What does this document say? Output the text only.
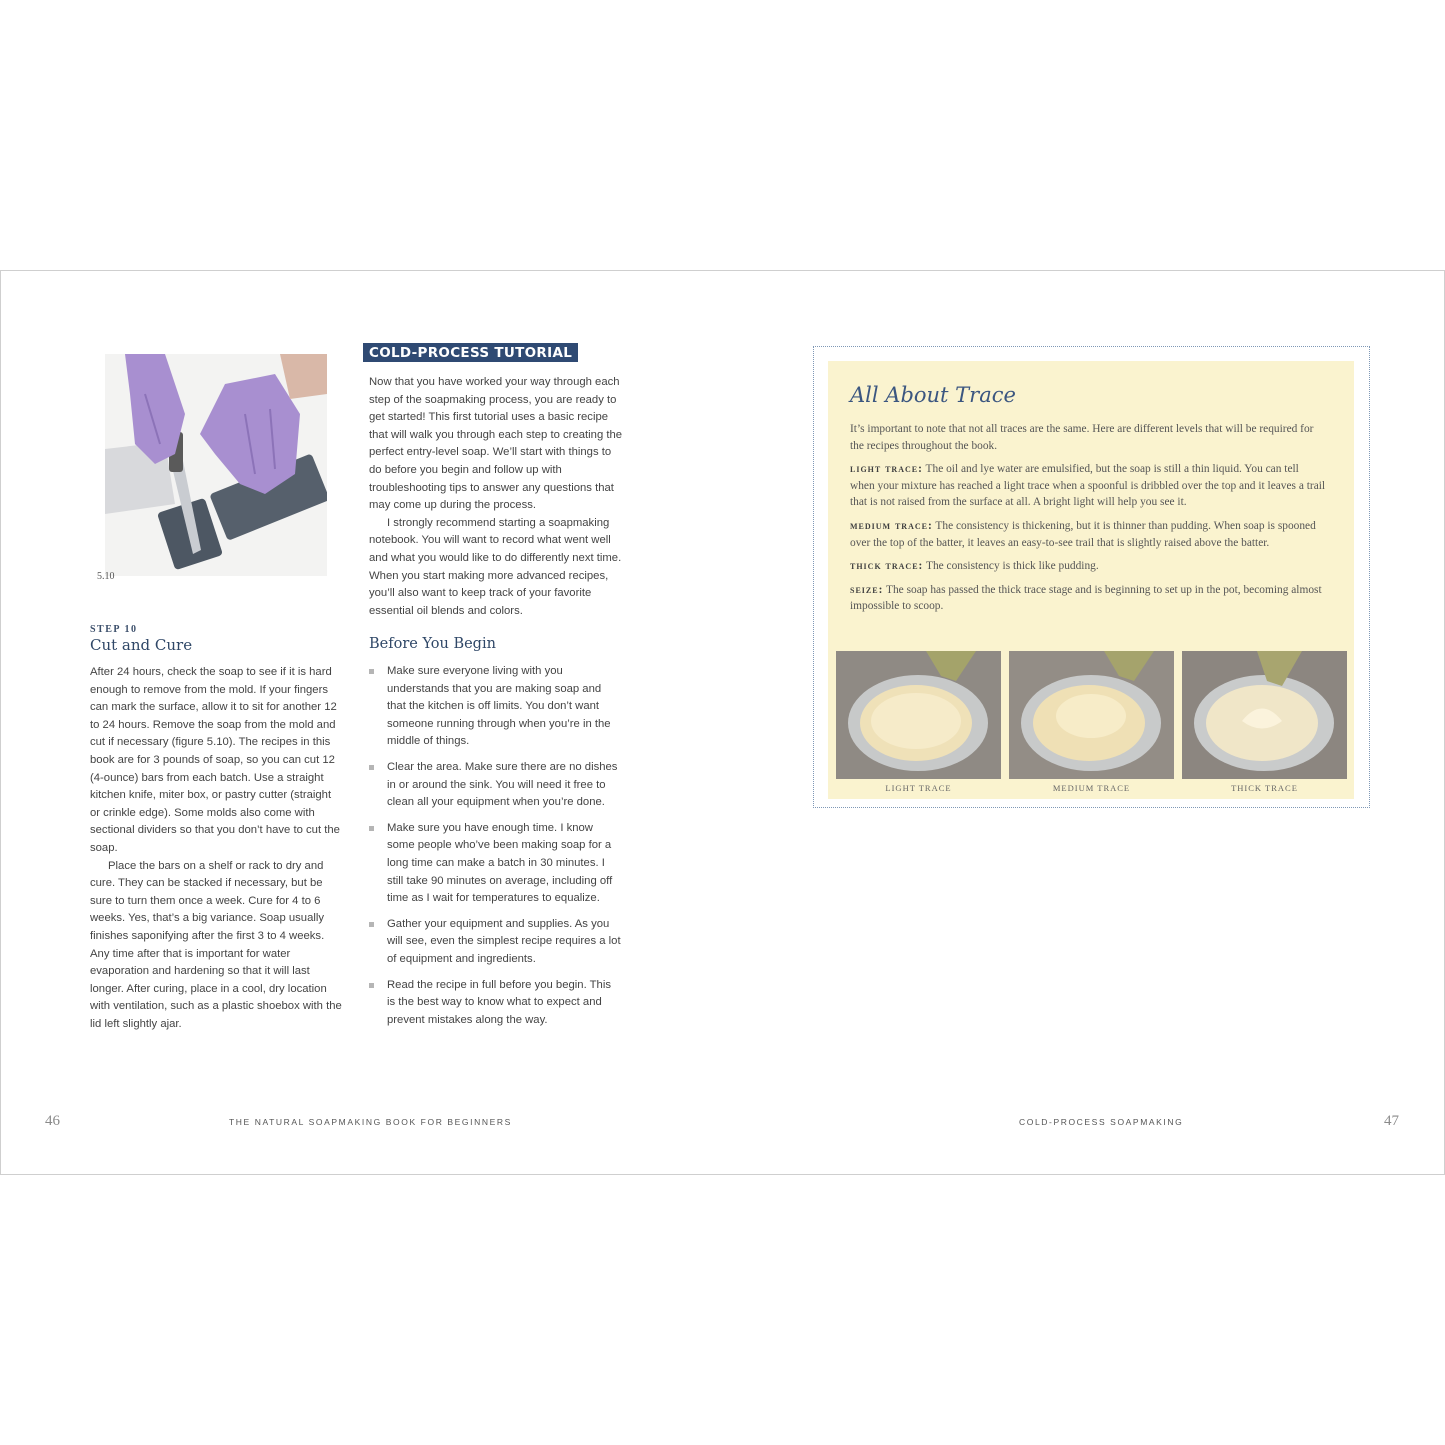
5.10
STEP 10
Cut and Cure

After 24 hours, check the soap to see if it is hard enough to remove from the mold. If your fingers can mark the surface, allow it to sit for another 12 to 24 hours. Remove the soap from the mold and cut if necessary (figure 5.10). The recipes in this book are for 3 pounds of soap, so you can cut 12 (4-ounce) bars from each batch. Use a straight kitchen knife, miter box, or pastry cutter (straight or crinkle edge). Some molds also come with sectional dividers so that you don’t have to cut the soap.

Place the bars on a shelf or rack to dry and cure. They can be stacked if necessary, but be sure to turn them once a week. Cure for 4 to 6 weeks. Yes, that’s a big variance. Soap usually finishes saponifying after the first 3 to 4 weeks. Any time after that is important for water evaporation and hardening so that it will last longer. After curing, place in a cool, dry location with ventilation, such as a plastic shoebox with the lid left slightly ajar.

COLD-PROCESS TUTORIAL

Now that you have worked your way through each step of the soapmaking process, you are ready to get started! This first tutorial uses a basic recipe that will walk you through each step to creating the perfect entry-level soap. We’ll start with things to do before you begin and follow up with troubleshooting tips to answer any questions that may come up during the process.

I strongly recommend starting a soapmaking notebook. You will want to record what went well and what you would like to do differently next time. When you start making more advanced recipes, you’ll also want to keep track of your favorite essential oil blends and colors.

Before You Begin
Make sure everyone living with you understands that you are making soap and that the kitchen is off limits. You don’t want someone running through when you’re in the middle of things.
Clear the area. Make sure there are no dishes in or around the sink. You will need it free to clean all your equipment when you’re done.
Make sure you have enough time. I know some people who’ve been making soap for a long time can make a batch in 30 minutes. I still take 90 minutes on average, including off time as I wait for temperatures to equalize.
Gather your equipment and supplies. As you will see, even the simplest recipe requires a lot of equipment and ingredients.
Read the recipe in full before you begin. This is the best way to know what to expect and prevent mistakes along the way.
All About Trace

It’s important to note that not all traces are the same. Here are different levels that will be required for the recipes throughout the book.

light trace: The oil and lye water are emulsified, but the soap is still a thin liquid. You can tell when your mixture has reached a light trace when a spoonful is dribbled over the top and it leaves a trail that is not raised from the surface at all. A bright light will help you see it.

medium trace: The consistency is thickening, but it is thinner than pudding. When soap is spooned over the top of the batter, it leaves an easy-to-see trail that is slightly raised above the batter.

thick trace: The consistency is thick like pudding.

seize: The soap has passed the thick trace stage and is beginning to set up in the pot, becoming almost impossible to scoop.

LIGHT TRACE	MEDIUM TRACE	THICK TRACE
46	THE NATURAL SOAPMAKING BOOK FOR BEGINNERS	COLD-PROCESS SOAPMAKING	47
